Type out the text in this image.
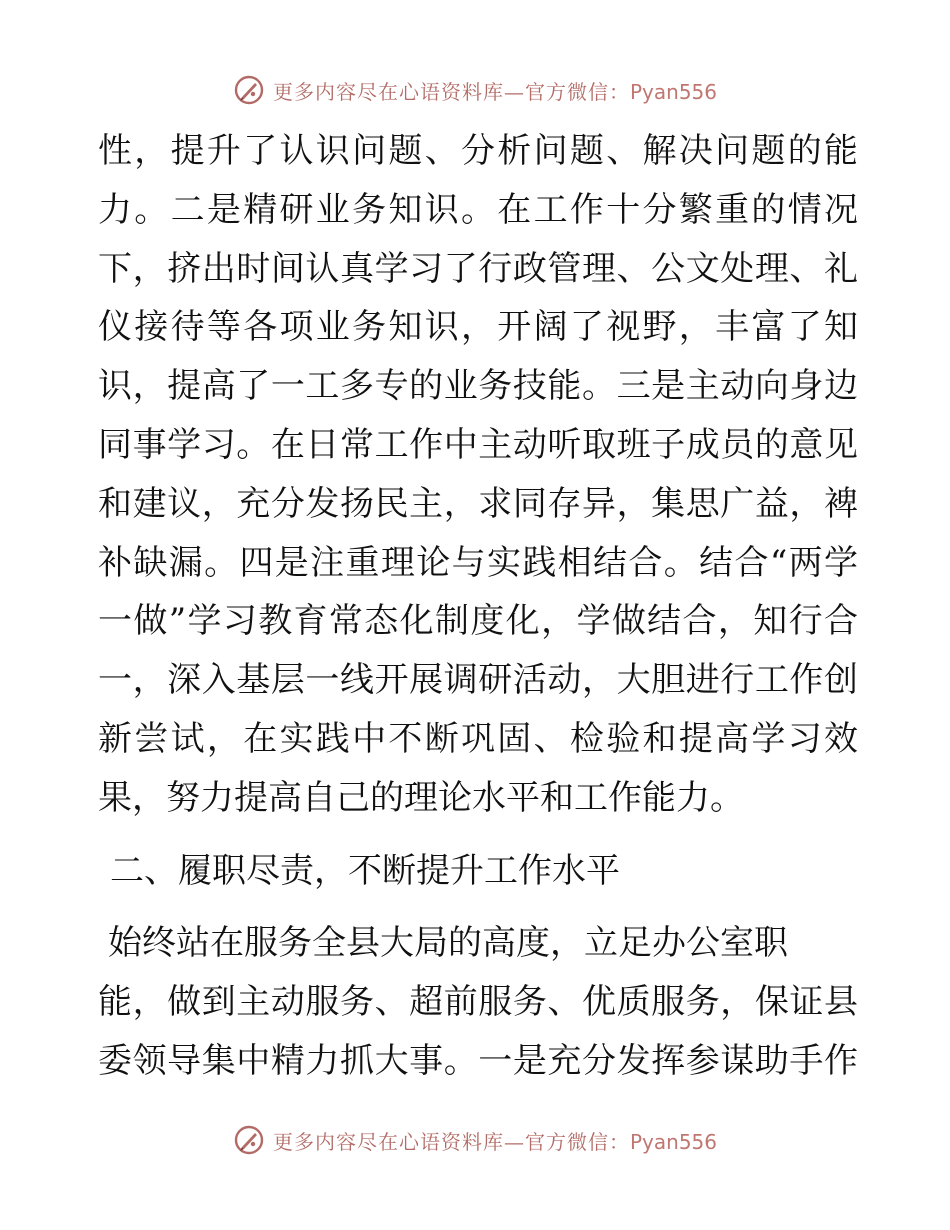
更多内容尽在心语资料库—官方微信：Pyan556
性，提升了认识问题、分析问题、解决问题的能
力。二是精研业务知识。在工作十分繁重的情况
下，挤出时间认真学习了行政管理、公文处理、礼
仪接待等各项业务知识，开阔了视野，丰富了知
识，提高了一工多专的业务技能。三是主动向身边
同事学习。在日常工作中主动听取班子成员的意见
和建议，充分发扬民主，求同存异，集思广益，裨
补缺漏。四是注重理论与实践相结合。结合“两学
一做”学习教育常态化制度化，学做结合，知行合
一，深入基层一线开展调研活动，大胆进行工作创
新尝试，在实践中不断巩固、检验和提高学习效
果，努力提高自己的理论水平和工作能力。
二、履职尽责，不断提升工作水平
始终站在服务全县大局的高度，立足办公室职
能，做到主动服务、超前服务、优质服务，保证县
委领导集中精力抓大事。一是充分发挥参谋助手作
更多内容尽在心语资料库—官方微信：Pyan556
